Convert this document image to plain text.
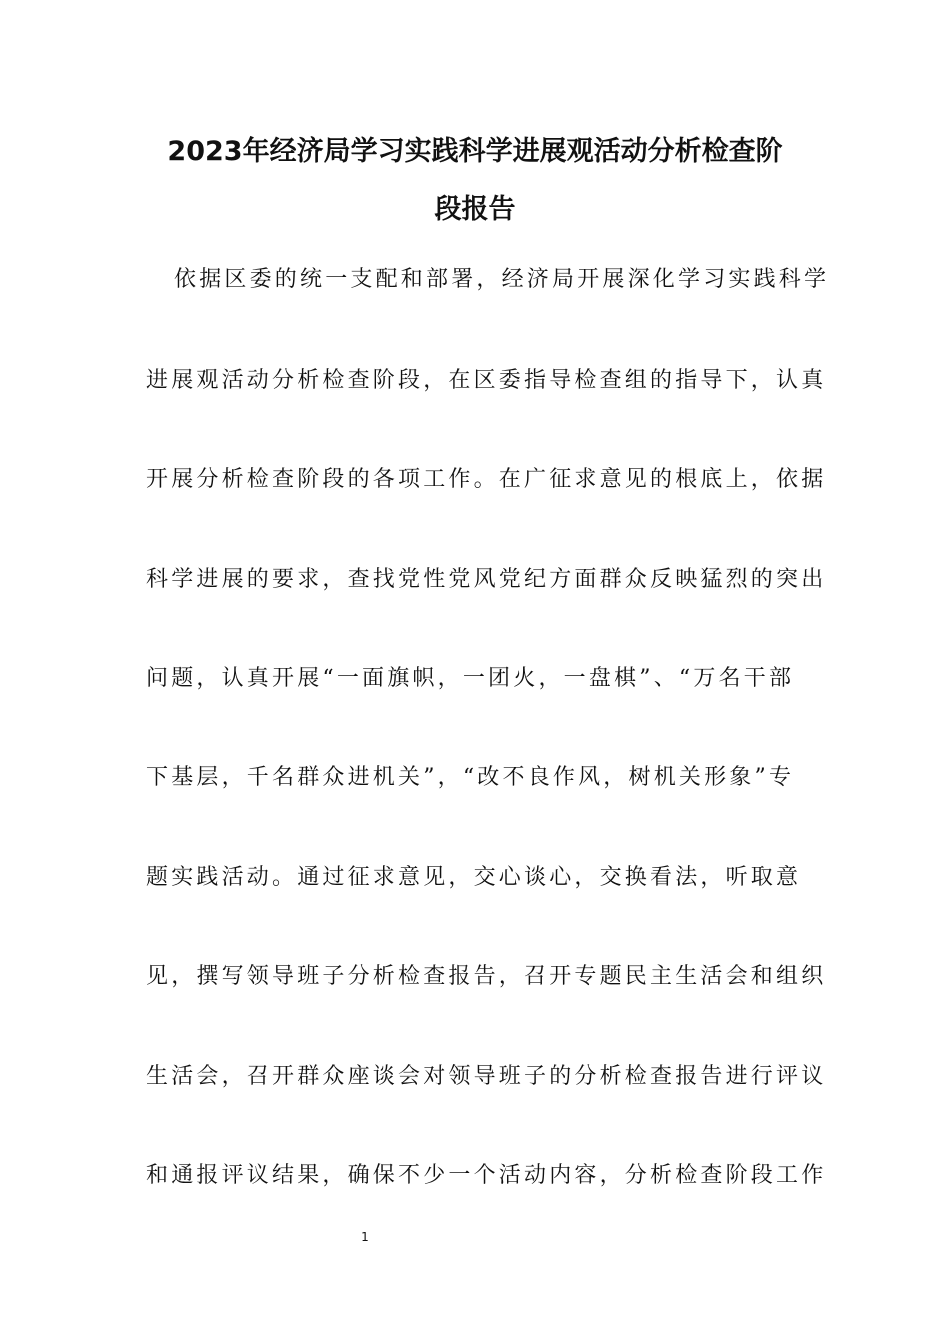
2023年经济局学习实践科学进展观活动分析检查阶
段报告

依据区委的统一支配和部署，经济局开展深化学习实践科学

进展观活动分析检查阶段，在区委指导检查组的指导下，认真

开展分析检查阶段的各项工作。在广征求意见的根底上，依据

科学进展的要求，查找党性党风党纪方面群众反映猛烈的突出

问题，认真开展“一面旗帜，一团火，一盘棋”、“万名干部

下基层，千名群众进机关”，“改不良作风，树机关形象”专

题实践活动。通过征求意见，交心谈心，交换看法，听取意

见，撰写领导班子分析检查报告，召开专题民主生活会和组织

生活会，召开群众座谈会对领导班子的分析检查报告进行评议

和通报评议结果，确保不少一个活动内容，分析检查阶段工作

1
